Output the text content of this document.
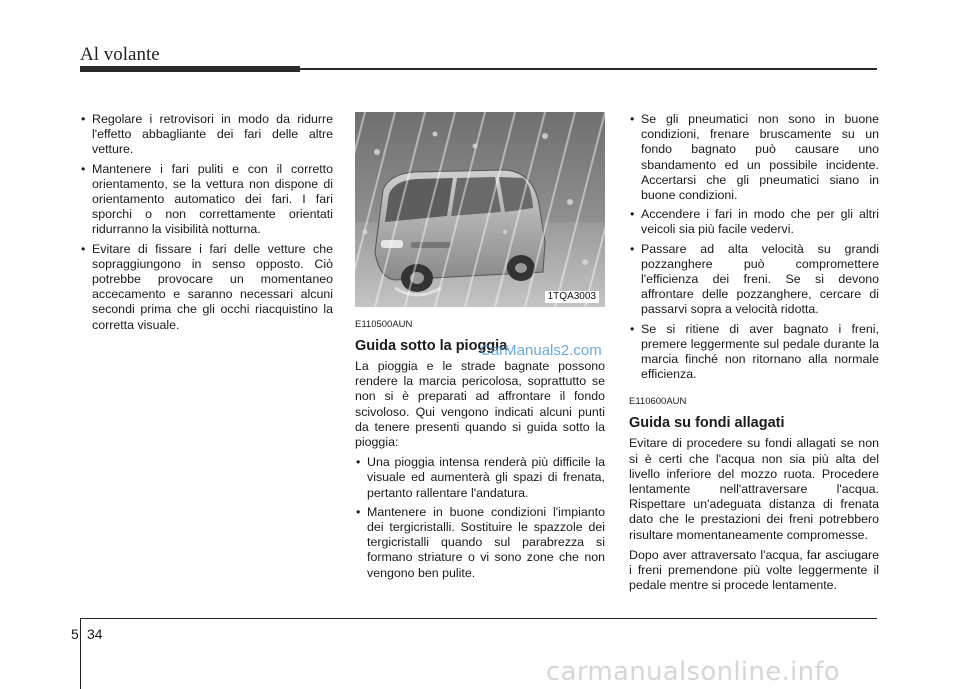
Al volante
• Regolare i retrovisori in modo da ridurre l'effetto abbagliante dei fari delle altre vetture.
• Mantenere i fari puliti e con il corretto orientamento, se la vettura non dispone di orientamento automatico dei fari. I fari sporchi o non correttamente orientati ridurranno la visibilità notturna.
• Evitare di fissare i fari delle vetture che sopraggiungono in senso opposto. Ciò potrebbe provocare un momentaneo accecamento e saranno necessari alcuni secondi prima che gli occhi riacquistino la corretta visuale.
1TQA3003
E110500AUN
Guida sotto la pioggia

La pioggia e le strade bagnate possono rendere la marcia pericolosa, soprattutto se non si è preparati ad affrontare il fondo scivoloso. Qui vengono indicati alcuni punti da tenere presenti quando si guida sotto la pioggia:

• Una pioggia intensa renderà più difficile la visuale ed aumenterà gli spazi di frenata, pertanto rallentare l'andatura.
• Mantenere in buone condizioni l'impianto dei tergicristalli. Sostituire le spazzole dei tergicristalli quando sul parabrezza si formano striature o vi sono zone che non vengono ben pulite.
• Se gli pneumatici non sono in buone condizioni, frenare bruscamente su un fondo bagnato può causare uno sbandamento ed un possibile incidente. Accertarsi che gli pneumatici siano in buone condizioni.
• Accendere i fari in modo che per gli altri veicoli sia più facile vedervi.
• Passare ad alta velocità su grandi pozzanghere può compromettere l'efficienza dei freni. Se si devono affrontare delle pozzanghere, cercare di passarvi sopra a velocità ridotta.
• Se si ritiene di aver bagnato i freni, premere leggermente sul pedale durante la marcia finché non ritornano alla normale efficienza.
E110600AUN
Guida su fondi allagati

Evitare di procedere su fondi allagati se non si è certi che l'acqua non sia più alta del livello inferiore del mozzo ruota. Procedere lentamente nell'attraversare l'acqua. Rispettare un'adeguata distanza di frenata dato che le prestazioni dei freni potrebbero risultare momentaneamente compromesse.

Dopo aver attraversato l'acqua, far asciugare i freni premendone più volte leggermente il pedale mentre si procede lentamente.

CarManuals2.com
5 34
carmanualsonline.info
